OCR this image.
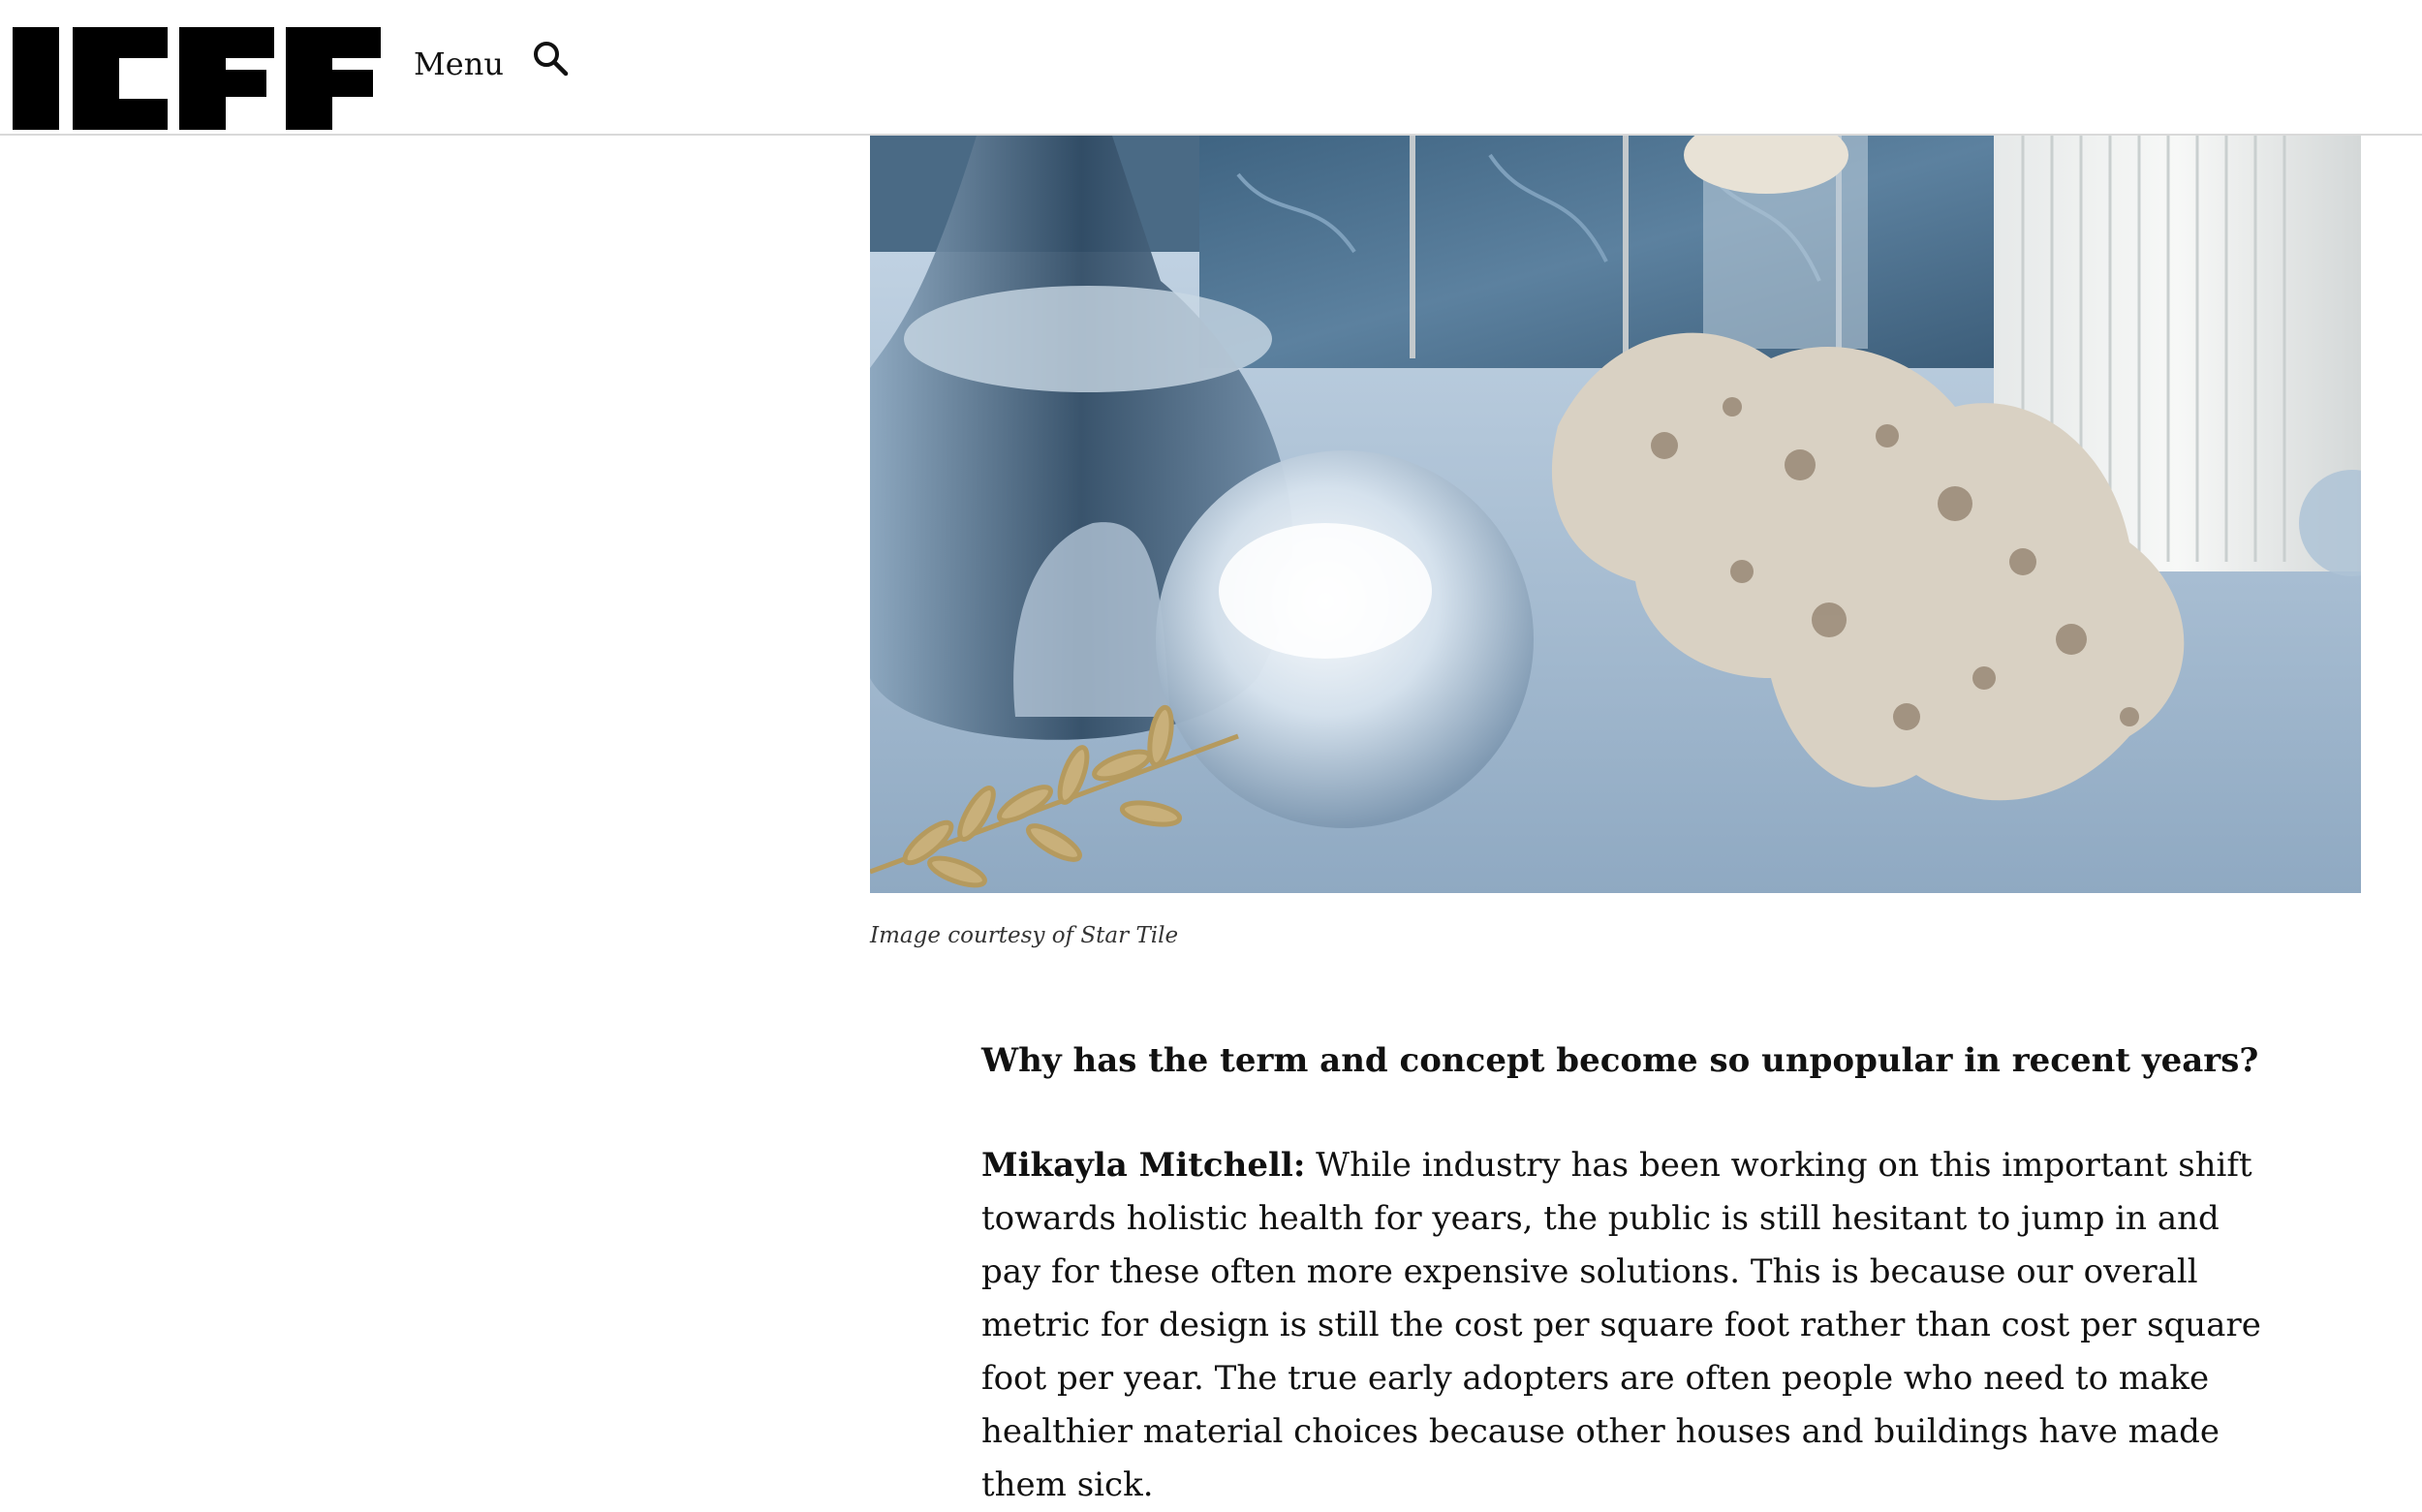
Menu
Image courtesy of Star Tile

Why has the term and concept become so unpopular in recent years?

Mikayla Mitchell: While industry has been working on this important shift towards holistic health for years, the public is still hesitant to jump in and pay for these often more expensive solutions. This is because our overall metric for design is still the cost per square foot rather than cost per square foot per year. The true early adopters are often people who need to make healthier material choices because other houses and buildings have made them sick.
